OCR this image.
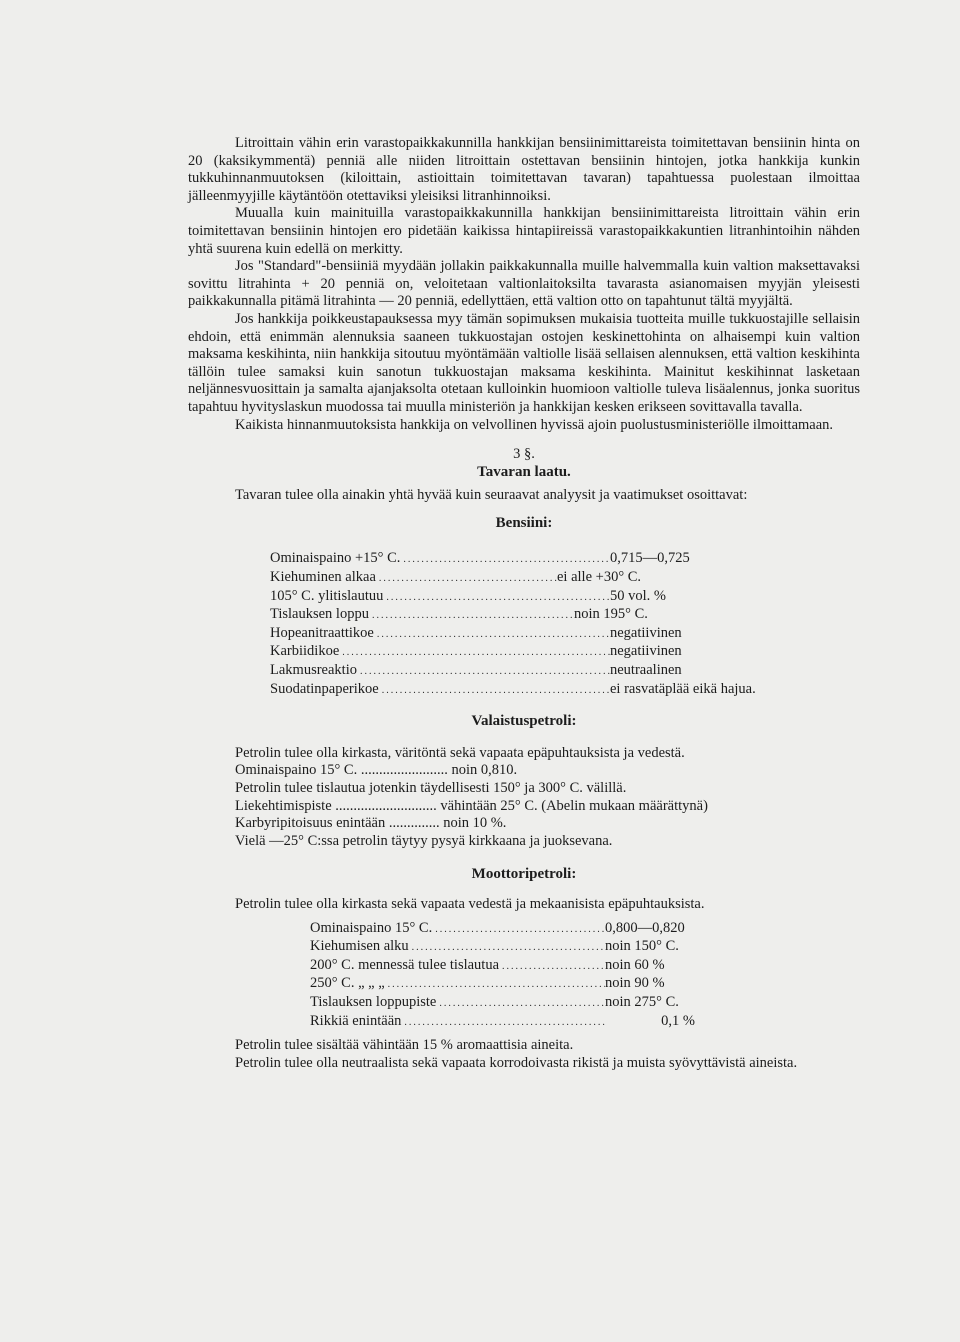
Litroittain vähin erin varastopaikkakunnilla hankkijan bensiinimittareista toimitettavan bensiinin hinta on 20 (kaksikymmentä) penniä alle niiden litroittain ostettavan bensiinin hintojen, jotka hankkija kunkin tukkuhinnanmuutoksen (kiloittain, astioittain toimitettavan tavaran) tapahtuessa puolestaan ilmoittaa jälleenmyyjille käytäntöön otettaviksi yleisiksi litranhinnoiksi.

Muualla kuin mainituilla varastopaikkakunnilla hankkijan bensiinimittareista litroittain vähin erin toimitettavan bensiinin hintojen ero pidetään kaikissa hintapiireissä varastopaikkakuntien litranhintoihin nähden yhtä suurena kuin edellä on merkitty.

Jos "Standard"-bensiiniä myydään jollakin paikkakunnalla muille halvemmalla kuin valtion maksettavaksi sovittu litrahinta + 20 penniä on, veloitetaan valtionlaitoksilta tavarasta asianomaisen myyjän yleisesti paikkakunnalla pitämä litrahinta — 20 penniä, edellyttäen, että valtion otto on tapahtunut tältä myyjältä.

Jos hankkija poikkeustapauksessa myy tämän sopimuksen mukaisia tuotteita muille tukkuostajille sellaisin ehdoin, että enimmän alennuksia saaneen tukkuostajan ostojen keskinettohinta on alhaisempi kuin valtion maksama keskihinta, niin hankkija sitoutuu myöntämään valtiolle lisää sellaisen alennuksen, että valtion keskihinta tällöin tulee samaksi kuin sanotun tukkuostajan maksama keskihinta. Mainitut keskihinnat lasketaan neljännesvuosittain ja samalta ajanjaksolta otetaan kulloinkin huomioon valtiolle tuleva lisäalennus, jonka suoritus tapahtuu hyvityslaskun muodossa tai muulla ministeriön ja hankkijan kesken erikseen sovittavalla tavalla.

Kaikista hinnanmuutoksista hankkija on velvollinen hyvissä ajoin puolustusministeriölle ilmoittamaan.

3 §.
Tavaran laatu.

Tavaran tulee olla ainakin yhtä hyvää kuin seuraavat analyysit ja vaatimukset osoittavat:

Bensiini:
Ominaispaino +15° C. .....	0,715—0,725
Kiehuminen alkaa .....	ei alle +30° C.
105° C. ylitislautuu .....	50 vol. %
Tislauksen loppu .....	noin 195° C.
Hopeanitraattikoe .....	negatiivinen
Karbiidikoe .....	negatiivinen
Lakmusreaktio .....	neutraalinen
Suodatinpaperikoe .....	ei rasvatäplää eikä hajua.
Valaistuspetroli:
Petrolin tulee olla kirkasta, väritöntä sekä vapaata epäpuhtauksista ja vedestä.
Ominaispaino 15° C. ........................ noin 0,810.
Petrolin tulee tislautua jotenkin täydellisesti 150° ja 300° C. välillä.
Liekehtimispiste ............................ vähintään 25° C. (Abelin mukaan määrättynä)
Karbyripitoisuus enintään .............. noin 10 %.
Vielä —25° C:ssa petrolin täytyy pysyä kirkkaana ja juoksevana.
Moottoripetroli:
Petrolin tulee olla kirkasta sekä vapaata vedestä ja mekaanisista epäpuhtauksista.
Ominaispaino 15° C. .....	0,800—0,820
Kiehumisen alku .....	noin 150° C.
200° C. mennessä tulee tislautua .....	noin 60 %
250° C. „ „ „ .....	noin 90 %
Tislauksen loppupiste .....	noin 275° C.
Rikkiä enintään .....	0,1 %

Petrolin tulee sisältää vähintään 15 % aromaattisia aineita.

Petrolin tulee olla neutraalista sekä vapaata korrodoivasta rikistä ja muista syövyttävistä aineista.
